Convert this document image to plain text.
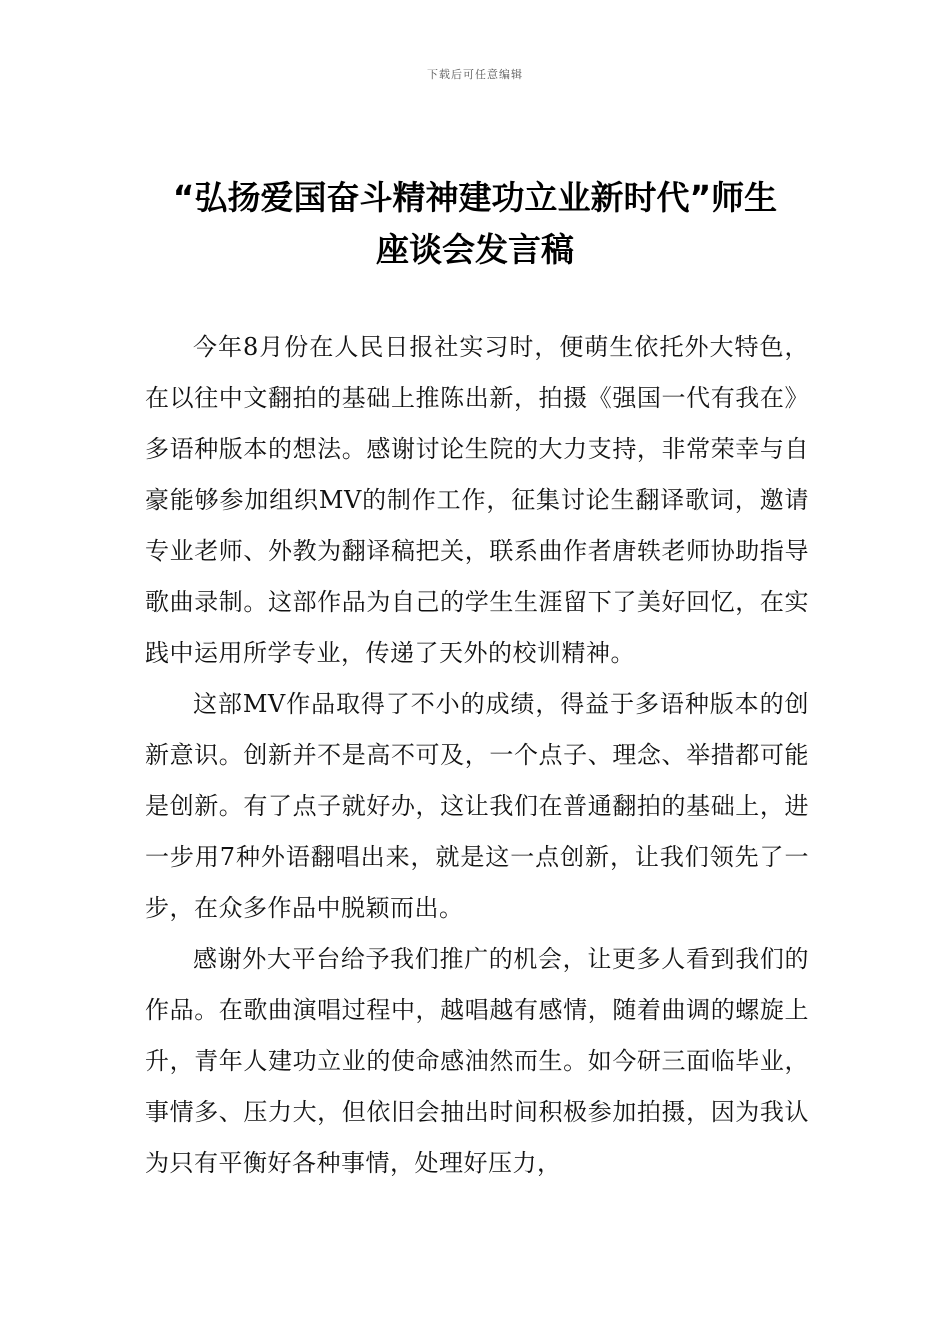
下载后可任意编辑
“弘扬爱国奋斗精神建功立业新时代”师生
座谈会发言稿

今年8月份在人民日报社实习时，便萌生依托外大特色，在以往中文翻拍的基础上推陈出新，拍摄《强国一代有我在》多语种版本的想法。感谢讨论生院的大力支持，非常荣幸与自豪能够参加组织MV的制作工作，征集讨论生翻译歌词，邀请专业老师、外教为翻译稿把关，联系曲作者唐轶老师协助指导歌曲录制。这部作品为自己的学生生涯留下了美好回忆，在实践中运用所学专业，传递了天外的校训精神。

这部MV作品取得了不小的成绩，得益于多语种版本的创新意识。创新并不是高不可及，一个点子、理念、举措都可能是创新。有了点子就好办，这让我们在普通翻拍的基础上，进一步用7种外语翻唱出来，就是这一点创新，让我们领先了一步，在众多作品中脱颖而出。

感谢外大平台给予我们推广的机会，让更多人看到我们的作品。在歌曲演唱过程中，越唱越有感情，随着曲调的螺旋上升，青年人建功立业的使命感油然而生。如今研三面临毕业，事情多、压力大，但依旧会抽出时间积极参加拍摄，因为我认为只有平衡好各种事情，处理好压力，
